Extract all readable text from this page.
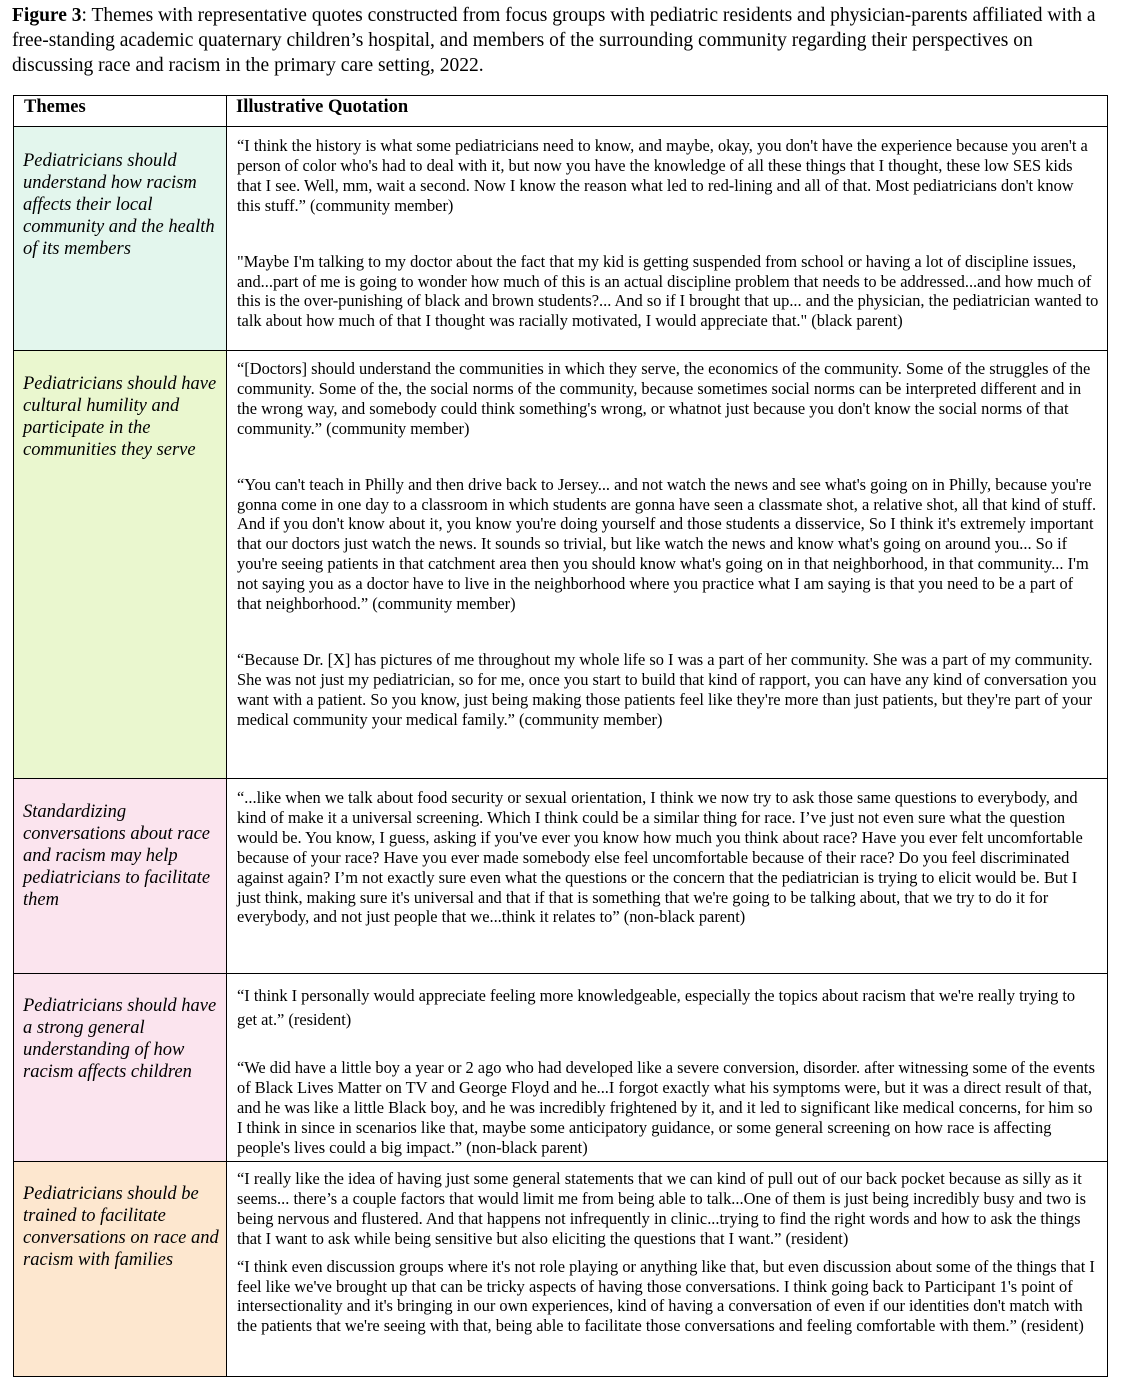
Figure 3: Themes with representative quotes constructed from focus groups with pediatric residents and physician-parents affiliated with a free-standing academic quaternary children’s hospital, and members of the surrounding community regarding their perspectives on discussing race and racism in the primary care setting, 2022.
Themes	Illustrative Quotation
Pediatricians should understand how racism affects their local community and the health of its members	“I think the history is what some pediatricians need to know, and maybe, okay, you don't have the experience because you aren't a person of color who's had to deal with it, but now you have the knowledge of all these things that I thought, these low SES kids that I see. Well, mm, wait a second. Now I know the reason what led to red-lining and all of that. Most pediatricians don't know this stuff.” (community member)

"Maybe I'm talking to my doctor about the fact that my kid is getting suspended from school or having a lot of discipline issues, and...part of me is going to wonder how much of this is an actual discipline problem that needs to be addressed...and how much of this is the over-punishing of black and brown students?... And so if I brought that up... and the physician, the pediatrician wanted to talk about how much of that I thought was racially motivated, I would appreciate that." (black parent)

Pediatricians should have cultural humility and participate in the communities they serve	“[Doctors] should understand the communities in which they serve, the economics of the community. Some of the struggles of the community. Some of the, the social norms of the community, because sometimes social norms can be interpreted different and in the wrong way, and somebody could think something's wrong, or whatnot just because you don't know the social norms of that community.” (community member)

“You can't teach in Philly and then drive back to Jersey... and not watch the news and see what's going on in Philly, because you're gonna come in one day to a classroom in which students are gonna have seen a classmate shot, a relative shot, all that kind of stuff. And if you don't know about it, you know you're doing yourself and those students a disservice, So I think it's extremely important that our doctors just watch the news. It sounds so trivial, but like watch the news and know what's going on around you... So if you're seeing patients in that catchment area then you should know what's going on in that neighborhood, in that community... I'm not saying you as a doctor have to live in the neighborhood where you practice what I am saying is that you need to be a part of that neighborhood.” (community member)

“Because Dr. [X] has pictures of me throughout my whole life so I was a part of her community. She was a part of my community. She was not just my pediatrician, so for me, once you start to build that kind of rapport, you can have any kind of conversation you want with a patient. So you know, just being making those patients feel like they're more than just patients, but they're part of your medical community your medical family.” (community member)

Standardizing conversations about race and racism may help pediatricians to facilitate them	“...like when we talk about food security or sexual orientation, I think we now try to ask those same questions to everybody, and kind of make it a universal screening. Which I think could be a similar thing for race. I’ve just not even sure what the question would be. You know, I guess, asking if you've ever you know how much you think about race? Have you ever felt uncomfortable because of your race? Have you ever made somebody else feel uncomfortable because of their race? Do you feel discriminated against again? I’m not exactly sure even what the questions or the concern that the pediatrician is trying to elicit would be. But I just think, making sure it's universal and that if that is something that we're going to be talking about, that we try to do it for everybody, and not just people that we...think it relates to” (non-black parent)

Pediatricians should have a strong general understanding of how racism affects children	“I think I personally would appreciate feeling more knowledgeable, especially the topics about racism that we're really trying to get at.” (resident)

“We did have a little boy a year or 2 ago who had developed like a severe conversion, disorder. after witnessing some of the events of Black Lives Matter on TV and George Floyd and he...I forgot exactly what his symptoms were, but it was a direct result of that, and he was like a little Black boy, and he was incredibly frightened by it, and it led to significant like medical concerns, for him so I think in since in scenarios like that, maybe some anticipatory guidance, or some general screening on how race is affecting people's lives could a big impact.” (non-black parent)

Pediatricians should be trained to facilitate conversations on race and racism with families	“I really like the idea of having just some general statements that we can kind of pull out of our back pocket because as silly as it seems... there’s a couple factors that would limit me from being able to talk...One of them is just being incredibly busy and two is being nervous and flustered. And that happens not infrequently in clinic...trying to find the right words and how to ask the things that I want to ask while being sensitive but also eliciting the questions that I want.” (resident)

“I think even discussion groups where it's not role playing or anything like that, but even discussion about some of the things that I feel like we've brought up that can be tricky aspects of having those conversations. I think going back to Participant 1's point of intersectionality and it's bringing in our own experiences, kind of having a conversation of even if our identities don't match with the patients that we're seeing with that, being able to facilitate those conversations and feeling comfortable with them.” (resident)
